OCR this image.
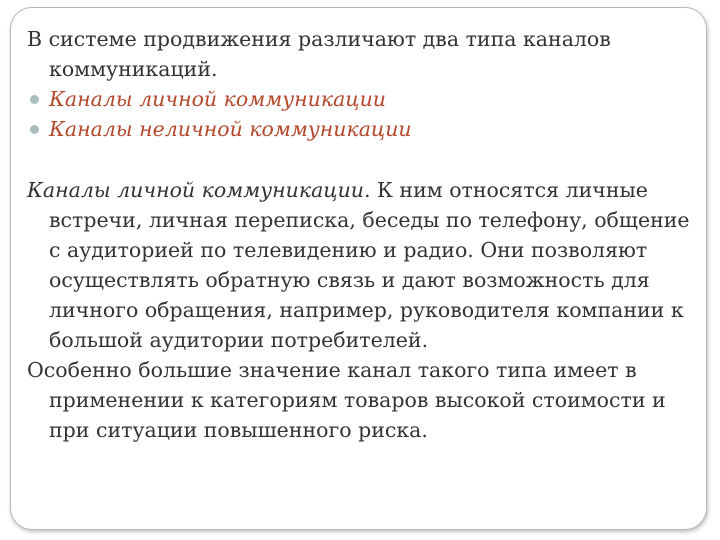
В системе продвижения различают два типа каналов коммуникаций.

Каналы личной коммуникации
Каналы неличной коммуникации

Каналы личной коммуникации. К ним относятся личные встречи, личная переписка, беседы по телефону, общение с аудиторией по телевидению и радио. Они позволяют осуществлять обратную связь и дают возможность для личного обращения, например, руководителя компании к большой аудитории потребителей.

Особенно большие значение канал такого типа имеет в применении к категориям товаров высокой стоимости и при ситуации повышенного риска.
